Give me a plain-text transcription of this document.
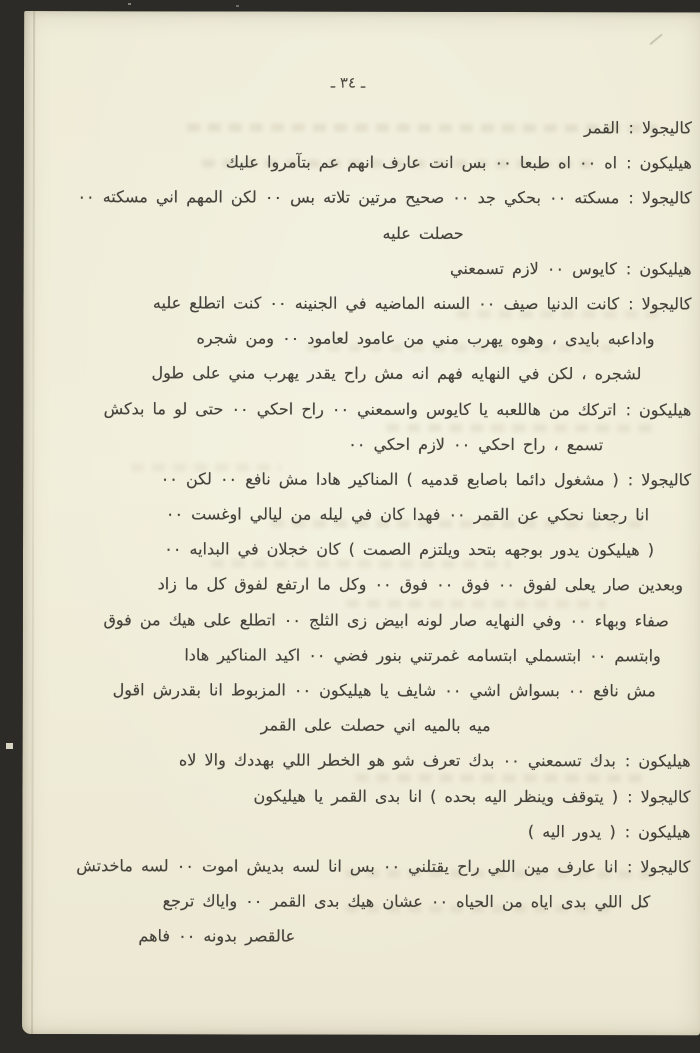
ـ ٣٤ ـ
كاليجولا :القمر
هيليكون :اه ٠٠ اه طبعا ٠٠ بس انت عارف انهم عم بتآمروا عليك
كاليجولا :مسكته ٠٠ بحكي جد ٠٠ صحيح مرتين تلاته بس ٠٠ لكن المهم اني مسكته ٠٠
حصلت عليه
هيليكون :كايوس ٠٠ لازم تسمعني
كاليجولا :كانت الدنيا صيف ٠٠ السنه الماضيه في الجنينه ٠٠ كنت اتطلع عليه
واداعبه بايدى ، وهوه يهرب مني من عامود لعامود ٠٠ ومن شجره
لشجره ، لكن في النهايه فهم انه مش راح يقدر يهرب مني على طول
هيليكون :اتركك من هاللعبه يا كايوس واسمعني ٠٠ راح احكي ٠٠ حتى لو ما بدكش
تسمع ، راح احكي ٠٠ لازم احكي ٠٠
كاليجولا :( مشغول دائما باصابع قدميه ) المناكير هادا مش نافع ٠٠ لكن ٠٠
انا رجعنا نحكي عن القمر ٠٠ فهدا كان في ليله من ليالي اوغست ٠٠
( هيليكون يدور بوجهه بتحد ويلتزم الصمت ) كان خجلان في البدايه ٠٠
وبعدين صار يعلى لفوق ٠٠ فوق ٠٠ فوق ٠٠ وكل ما ارتفع لفوق كل ما زاد
صفاء وبهاء ٠٠ وفي النهايه صار لونه ابيض زى الثلج ٠٠ اتطلع على هيك من فوق
وابتسم ٠٠ ابتسملي ابتسامه غمرتني بنور فضي ٠٠ اكيد المناكير هادا
مش نافع ٠٠ بسواش اشي ٠٠ شايف يا هيليكون ٠٠ المزبوط انا بقدرش اقول
ميه بالميه اني حصلت على القمر
هيليكون :بدك تسمعني ٠٠ بدك تعرف شو هو الخطر اللي بهددك والا لاه
كاليجولا :( يتوقف وينظر اليه بحده ) انا بدى القمر يا هيليكون
هيليكون :( يدور اليه )
كاليجولا :انا عارف مين اللي راح يقتلني ٠٠ بس انا لسه بديش اموت ٠٠ لسه ماخدتش
كل اللي بدى اياه من الحياه ٠٠ عشان هيك بدى القمر ٠٠ واياك ترجع
عالقصر بدونه ٠٠ فاهم
